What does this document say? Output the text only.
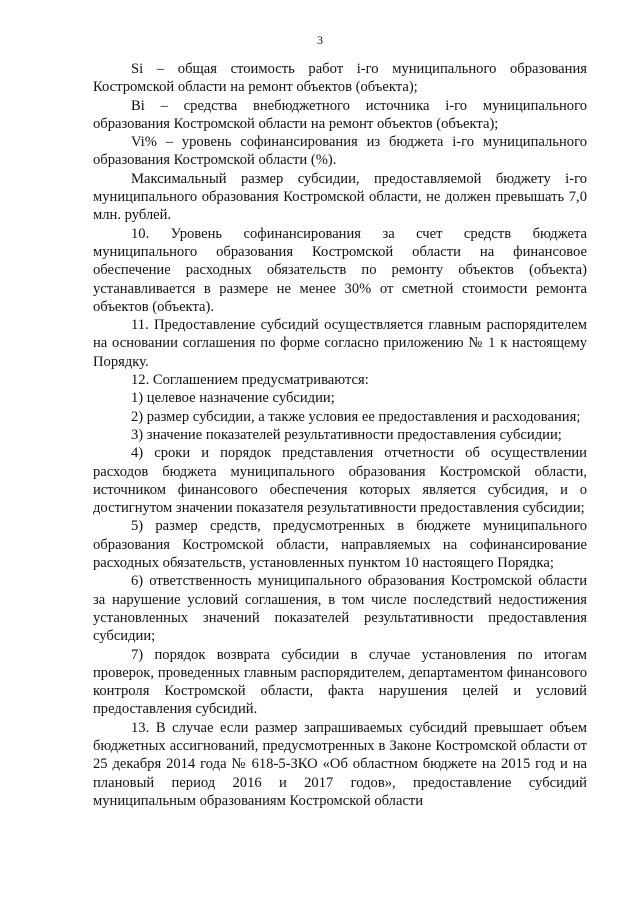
3

Si – общая стоимость работ i-го муниципального образования Костромской области на ремонт объектов (объекта);

Bi – средства внебюджетного источника i-го муниципального образования Костромской области на ремонт объектов (объекта);

Vi% – уровень софинансирования из бюджета i-го муниципального образования Костромской области (%).

Максимальный размер субсидии, предоставляемой бюджету i-го муниципального образования Костромской области, не должен превышать 7,0 млн. рублей.

10. Уровень софинансирования за счет средств бюджета муниципального образования Костромской области на финансовое обеспечение расходных обязательств по ремонту объектов (объекта) устанавливается в размере не менее 30% от сметной стоимости ремонта объектов (объекта).

11. Предоставление субсидий осуществляется главным распорядителем на основании соглашения по форме согласно приложению № 1 к настоящему Порядку.

12. Соглашением предусматриваются:

1) целевое назначение субсидии;

2) размер субсидии, а также условия ее предоставления и расходования;

3) значение показателей результативности предоставления субсидии;

4) сроки и порядок представления отчетности об осуществлении расходов бюджета муниципального образования Костромской области, источником финансового обеспечения которых является субсидия, и о достигнутом значении показателя результативности предоставления субсидии;

5) размер средств, предусмотренных в бюджете муниципального образования Костромской области, направляемых на софинансирование расходных обязательств, установленных пунктом 10 настоящего Порядка;

6) ответственность муниципального образования Костромской области за нарушение условий соглашения, в том числе последствий недостижения установленных значений показателей результативности предоставления субсидии;

7) порядок возврата субсидии в случае установления по итогам проверок, проведенных главным распорядителем, департаментом финансового контроля Костромской области, факта нарушения целей и условий предоставления субсидий.

13. В случае если размер запрашиваемых субсидий превышает объем бюджетных ассигнований, предусмотренных в Законе Костромской области от 25 декабря 2014 года № 618-5-ЗКО «Об областном бюджете на 2015 год и на плановый период 2016 и 2017 годов», предоставление субсидий муниципальным образованиям Костромской области
